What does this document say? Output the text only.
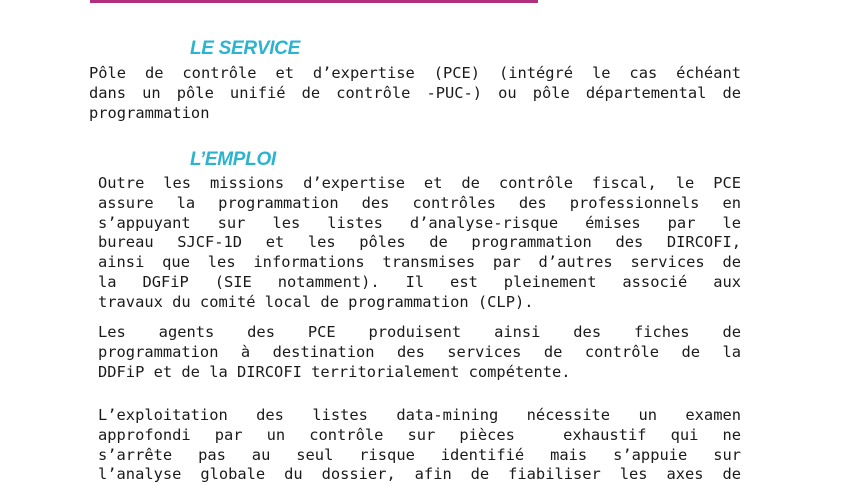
LE SERVICE
Pôle de contrôle et d’expertise (PCE) (intégré le cas échéant
dans un pôle unifié de contrôle -PUC-) ou pôle départemental de
programmation
L’EMPLOI
Outre les missions d’expertise et de contrôle fiscal, le PCE
assure la programmation des contrôles des professionnels en
s’appuyant sur les listes d’analyse-risque émises par le
bureau SJCF-1D et les pôles de programmation des DIRCOFI,
ainsi que les informations transmises par d’autres services de
la DGFiP (SIE notamment). Il est pleinement associé aux
travaux du comité local de programmation (CLP).
Les agents des PCE produisent ainsi des fiches de
programmation à destination des services de contrôle de la
DDFiP et de la DIRCOFI territorialement compétente.
L’exploitation des listes data-mining nécessite un examen
approfondi par un contrôle sur pièces  exhaustif qui ne
s’arrête pas au seul risque identifié mais s’appuie sur
l’analyse globale du dossier, afin de fiabiliser les axes de
